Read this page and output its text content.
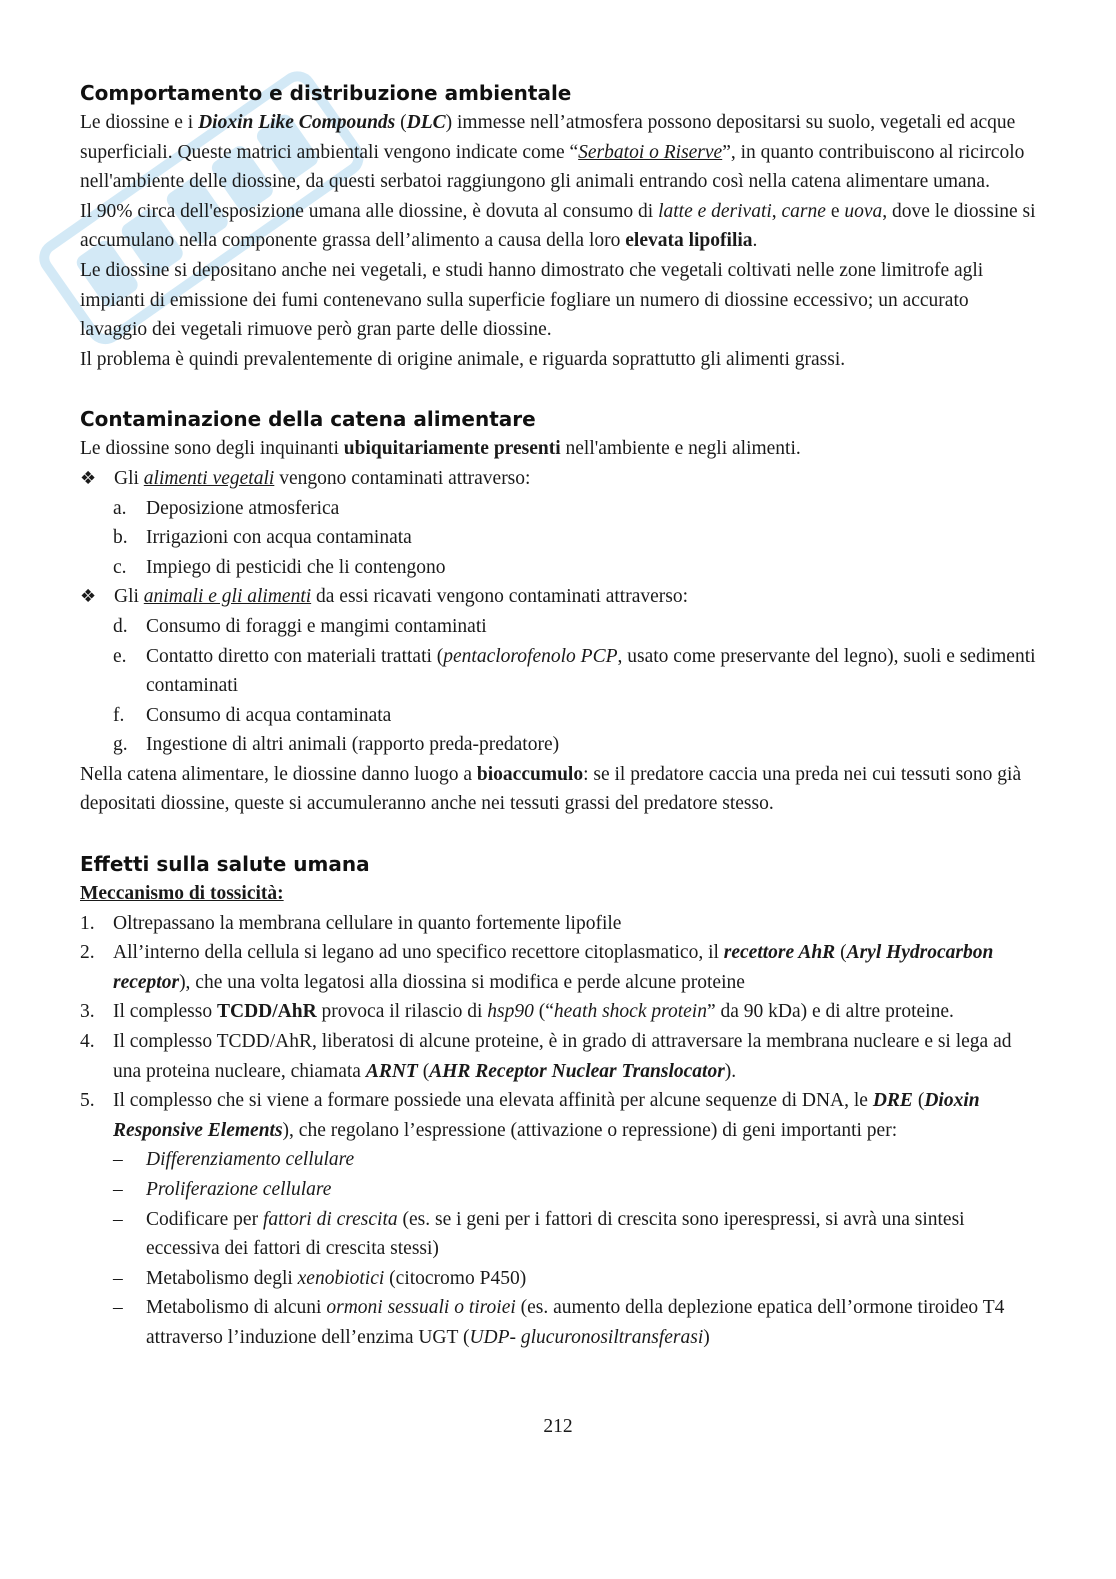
Comportamento e distribuzione ambientale

Le diossine e i Dioxin Like Compounds (DLC) immesse nell’atmosfera possono depositarsi su suolo, vegetali ed acque superficiali. Queste matrici ambientali vengono indicate come “Serbatoi o Riserve”, in quanto contribuiscono al ricircolo nell'ambiente delle diossine, da questi serbatoi raggiungono gli animali entrando così nella catena alimentare umana.

Il 90% circa dell'esposizione umana alle diossine, è dovuta al consumo di latte e derivati, carne e uova, dove le diossine si accumulano nella componente grassa dell’alimento a causa della loro elevata lipofilia.

Le diossine si depositano anche nei vegetali, e studi hanno dimostrato che vegetali coltivati nelle zone limitrofe agli impianti di emissione dei fumi contenevano sulla superficie fogliare un numero di diossine eccessivo; un accurato lavaggio dei vegetali rimuove però gran parte delle diossine.

Il problema è quindi prevalentemente di origine animale, e riguarda soprattutto gli alimenti grassi.

Contaminazione della catena alimentare

Le diossine sono degli inquinanti ubiquitariamente presenti nell'ambiente e negli alimenti.

❖ Gli alimenti vegetali vengono contaminati attraverso:
a. Deposizione atmosferica
b. Irrigazioni con acqua contaminata
c. Impiego di pesticidi che li contengono
❖ Gli animali e gli alimenti da essi ricavati vengono contaminati attraverso:
d. Consumo di foraggi e mangimi contaminati
e. Contatto diretto con materiali trattati (pentaclorofenolo PCP, usato come preservante del legno), suoli e sedimenti contaminati
f. Consumo di acqua contaminata
g. Ingestione di altri animali (rapporto preda-predatore)

Nella catena alimentare, le diossine danno luogo a bioaccumulo: se il predatore caccia una preda nei cui tessuti sono già depositati diossine, queste si accumuleranno anche nei tessuti grassi del predatore stesso.

Effetti sulla salute umana

Meccanismo di tossicità:

1. Oltrepassano la membrana cellulare in quanto fortemente lipofile
2. All’interno della cellula si legano ad uno specifico recettore citoplasmatico, il recettore AhR (Aryl Hydrocarbon receptor), che una volta legatosi alla diossina si modifica e perde alcune proteine
3. Il complesso TCDD/AhR provoca il rilascio di hsp90 (“heath shock protein” da 90 kDa) e di altre proteine.
4. Il complesso TCDD/AhR, liberatosi di alcune proteine, è in grado di attraversare la membrana nucleare e si lega ad una proteina nucleare, chiamata ARNT (AHR Receptor Nuclear Translocator).
5. Il complesso che si viene a formare possiede una elevata affinità per alcune sequenze di DNA, le DRE (Dioxin Responsive Elements), che regolano l’espressione (attivazione o repressione) di geni importanti per:
– Differenziamento cellulare
– Proliferazione cellulare
– Codificare per fattori di crescita (es. se i geni per i fattori di crescita sono iperespressi, si avrà una sintesi eccessiva dei fattori di crescita stessi)
– Metabolismo degli xenobiotici (citocromo P450)
– Metabolismo di alcuni ormoni sessuali o tiroiei (es. aumento della deplezione epatica dell’ormone tiroideo T4 attraverso l’induzione dell’enzima UGT (UDP- glucuronosiltransferasi)
212
